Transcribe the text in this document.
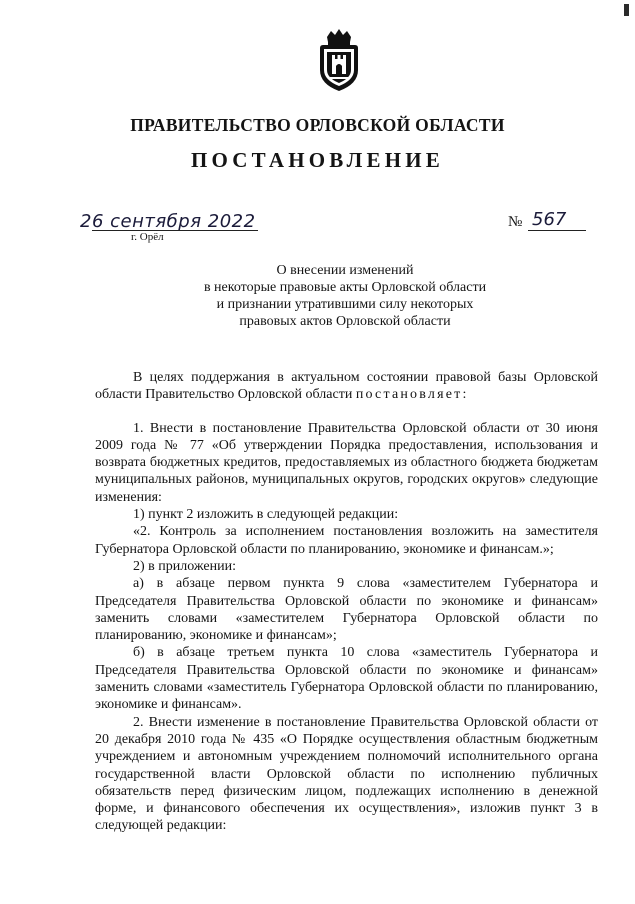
ПРАВИТЕЛЬСТВО ОРЛОВСКОЙ ОБЛАСТИ
ПОСТАНОВЛЕНИЕ
26 сентября 2022
г. Орёл
№ 567
О внесении изменений
в некоторые правовые акты Орловской области
и признании утратившими силу некоторых
правовых актов Орловской области
В целях поддержания в актуальном состоянии правовой базы Орловской области Правительство Орловской области постановляет:
1. Внести в постановление Правительства Орловской области от 30 июня 2009 года № 77 «Об утверждении Порядка предоставления, использования и возврата бюджетных кредитов, предоставляемых из областного бюджета бюджетам муниципальных районов, муниципальных округов, городских округов» следующие изменения:
1) пункт 2 изложить в следующей редакции:
«2. Контроль за исполнением постановления возложить на заместителя Губернатора Орловской области по планированию, экономике и финансам.»;
2) в приложении:
а) в абзаце первом пункта 9 слова «заместителем Губернатора и Председателя Правительства Орловской области по экономике и финансам» заменить словами «заместителем Губернатора Орловской области по планированию, экономике и финансам»;
б) в абзаце третьем пункта 10 слова «заместитель Губернатора и Председателя Правительства Орловской области по экономике и финансам» заменить словами «заместитель Губернатора Орловской области по планированию, экономике и финансам».
2. Внести изменение в постановление Правительства Орловской области от 20 декабря 2010 года № 435 «О Порядке осуществления областным бюджетным учреждением и автономным учреждением полномочий исполнительного органа государственной власти Орловской области по исполнению публичных обязательств перед физическим лицом, подлежащих исполнению в денежной форме, и финансового обеспечения их осуществления», изложив пункт 3 в следующей редакции:
